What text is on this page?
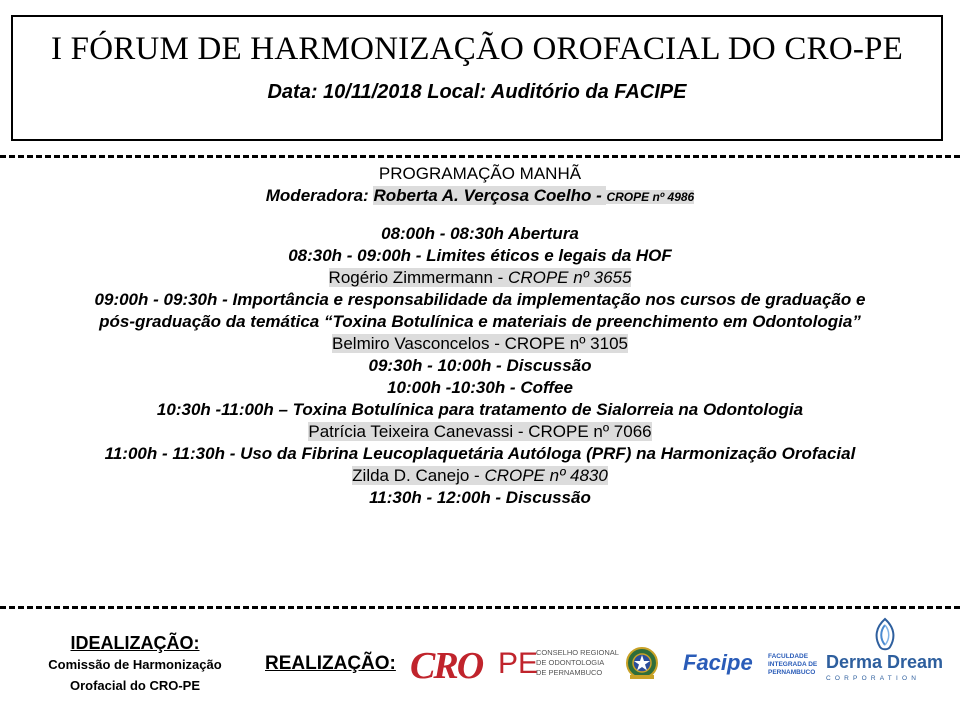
I FÓRUM DE HARMONIZAÇÃO OROFACIAL DO CRO-PE
Data: 10/11/2018 Local: Auditório da FACIPE
PROGRAMAÇÃO MANHÃ
Moderadora: Roberta A. Verçosa Coelho - CROPE nº 4986
08:00h - 08:30h Abertura
08:30h - 09:00h - Limites éticos e legais da HOF
Rogério Zimmermann - CROPE nº 3655
09:00h - 09:30h - Importância e responsabilidade da implementação nos cursos de graduação e
pós-graduação da temática “Toxina Botulínica e materiais de preenchimento em Odontologia”
Belmiro Vasconcelos - CROPE nº 3105
09:30h - 10:00h - Discussão
10:00h -10:30h - Coffee
10:30h -11:00h – Toxina Botulínica para tratamento de Sialorreia na Odontologia
Patrícia Teixeira Canevassi - CROPE nº 7066
11:00h - 11:30h - Uso da Fibrina Leucoplaquetária Autóloga (PRF) na Harmonização Orofacial
Zilda D. Canejo - CROPE nº 4830
11:30h - 12:00h - Discussão
IDEALIZAÇÃO:
Comissão de Harmonização
Orofacial do CRO-PE
REALIZAÇÃO: CRO PE
CONSELHO REGIONAL
DE ODONTOLOGIA
DE PERNAMBUCO	Facipe FACULDADE
INTEGRADA DE
PERNAMBUCO
Derma Dream
CORPORATION
